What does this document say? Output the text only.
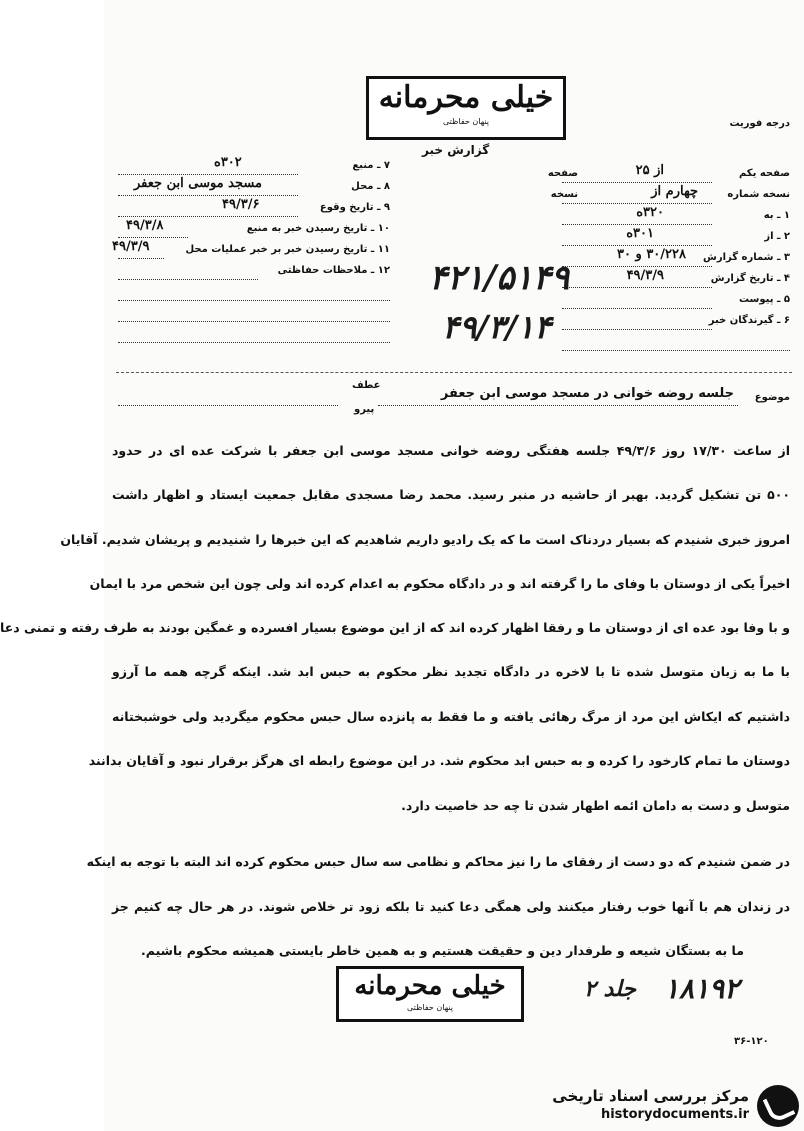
خیلی محرمانه
پنهان حفاظتی	درجه فوریت
گزارش خبر
صفحه یکم
از ۲۵
صفحه
نسخه شماره
چهارم از
نسخه
۱ ـ به
۳۲۰ه
۲ ـ از
۳۰۱ه
۳ ـ شماره گزارش
۳۰/۲۲۸ و ۳۰
۴ ـ تاریخ گزارش
۴۹/۳/۹
۵ ـ پیوست
۶ ـ گیرندگان خبر
۷ ـ منبع
۳۰۲ه
۸ ـ محل
مسجد موسی ابن جعفر
۹ ـ تاریخ وقوع
۴۹/۳/۶
۱۰ ـ تاریخ رسیدن خبر به منبع
۴۹/۳/۸
۱۱ ـ تاریخ رسیدن خبر بر خبر عملیات محل
۴۹/۳/۹
۱۲ ـ ملاحظات حفاظتی ۴۲۱/۵۱۴۹
۴۹/۳/۱۴
موضوع
جلسه روضه خوانی در مسجد موسی ابن جعفر
عطف
پیرو
از ساعت ۱۷/۳۰ روز ۴۹/۳/۶ جلسه هفتگی روضه خوانی مسجد موسی ابن جعفر با شرکت عده ای در حدود
۵۰۰ تن تشکیل گردید. بهبر از حاشیه در منبر رسید. محمد رضا مسجدی مقابل جمعیت ایستاد و اظهار داشت
امروز خبری شنیدم که بسیار دردناک است ما که یک رادیو داریم شاهدیم که این خبرها را شنیدیم و پریشان شدیم. آقایان
اخیراً یکی از دوستان با وفای ما را گرفته اند و در دادگاه محکوم به اعدام کرده اند ولی چون این شخص مرد با ایمان
و با وفا بود عده ای از دوستان ما و رفقا اظهار کرده اند که از این موضوع بسیار افسرده و غمگین بودند به طرف رفته و تمنی دعا
با ما به زبان متوسل شده تا با لاخره در دادگاه تجدید نظر محکوم به حبس ابد شد. اینکه گرچه همه ما آرزو
داشتیم که ایکاش این مرد از مرگ رهائی یافته و ما فقط به پانزده سال حبس محکوم میگردید ولی خوشبختانه
دوستان ما تمام کارخود را کرده و به حبس ابد محکوم شد. در این موضوع رابطه ای هرگز برقرار نبود و آقایان بدانند
متوسل و دست به دامان ائمه اطهار شدن تا چه حد خاصیت دارد.
در ضمن شنیدم که دو دست از رفقای ما را نیز محاکم و نظامی سه سال حبس محکوم کرده اند البته با توجه به اینکه
در زندان هم با آنها خوب رفتار میکنند ولی همگی دعا کنید تا بلکه زود تر خلاص شوند. در هر حال چه کنیم جز
ما به بستگان شیعه و طرفدار دین و حقیقت هستیم و به همین خاطر بایستی همیشه محکوم باشیم.
خیلی محرمانه
پنهان حفاظتی
جلد ۲ ۱۸۱۹۲
۳۶-۱۲۰
مرکز بررسی اسناد تاریخی
historydocuments.ir
